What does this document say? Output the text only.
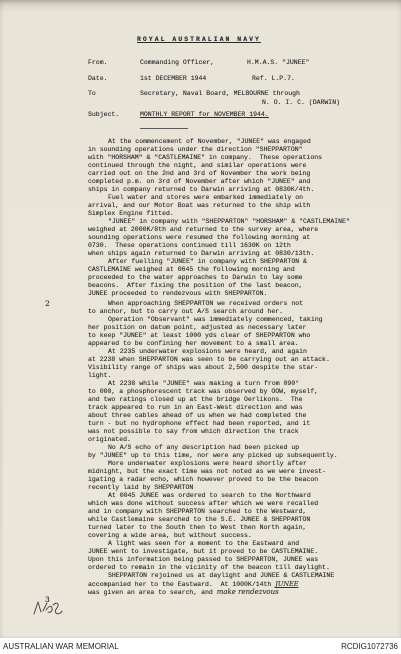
ROYAL AUSTRALIAN NAVY
From.	Commanding Officer,	H.M.A.S. "JUNEE"
Date.	1st DECEMBER 1944	Ref. L.P.7.
To	Secretary, Naval Board, MELBOURNE through
N. O. I. C. (DARWIN)
Subject.	MONTHLY REPORT for NOVEMBER 1944.
2
3
At the commencement of November, "JUNEE" was engaged
in sounding operations under the direction "SHEPPARTON"
with "HORSHAM" & "CASTLEMAINE" in company.  These operations
continued through the night, and similar operations were
carried out on the 2nd and 3rd of November the work being
completed p.m. on 3rd of November after which "JUNEE" and
ships in company returned to Darwin arriving at 0830K/4th.
Fuel water and stores were embarked immediately on
arrival, and our Motor Boat was returned to the ship with
Simplex Engine fitted.
"JUNEE" in company with "SHEPPARTON" "HORSHAM" & "CASTLEMAINE"
weighed at 2000K/8th and returned to the survey area, where
sounding operations were resumed the following morning at
0730.  These operations continued till 1630K on 12th
when ships again returned to Darwin arriving at 0830/13th.
After fuelling "JUNEE" in company with SHEPPARTON &
CASTLEMAINE weighed at 0645 the following morning and
proceeded to the water approaches to Darwin to lay some
beacons.  After fixing the position of the last beacon,
JUNEE proceeded to rendezvous with SHEPPARTON.
When approaching SHEPPARTON we received orders not
to anchor, but to carry out A/S search around her.
Operation "Observant" was immediately commenced, taking
her position on datum point, adjusted as necessary later
to keep "JUNEE" at least 1000 yds clear of SHEPPARTON who
appeared to be confining her movement to a small area.
At 2235 underwater explosions were heard, and again
at 2238 when SHEPPARTON was seen to be carrying out an attack.
Visibility range of ships was about 2,500 despite the star-
light.
At 2238 while "JUNEE" was making a turn from 090°
to 000, a phosphorescent track was observed by OOW, myself,
and two ratings closed up at the bridge Oerlikons.  The
track appeared to run in an East-West direction and was
about three cables ahead of us when we had completed the
turn - but no hydrophone effect had been reported, and it
was not possible to say from which direction the track
originated.
No A/S echo of any description had been picked up
by "JUNEE" up to this time, nor were any picked up subsequently.
More underwater explosions were heard shortly after
midnight, but the exact time was not noted as we were invest-
igating a radar echo, which however proved to be the beacon
recently laid by SHEPPARTON
At 0045 JUNEE was ordered to search to the Northward
which was done without success after which we were recalled
and in company with SHEPPARTON searched to the Westward,
while Castlemaine searched to the S.E. JUNEE & SHEPPARTON
turned later to the South then to West then North again,
covering a wide area, but without success.
A light was seen for a moment to the Eastward and
JUNEE went to investigate, but it proved to be CASTLEMAINE.
Upon this information being passed to SHEPPARTON, JUNEE was
ordered to remain in the vicinity of the beacon till daylight.
SHEPPARTON rejoined us at daylight and JUNEE & CASTLEMAINE
accompanied her to the Eastward.  At 1000K/14th JUNEE
was given an area to search, and make rendezvous
AUSTRALIAN WAR MEMORIAL	RCDIG1072736
